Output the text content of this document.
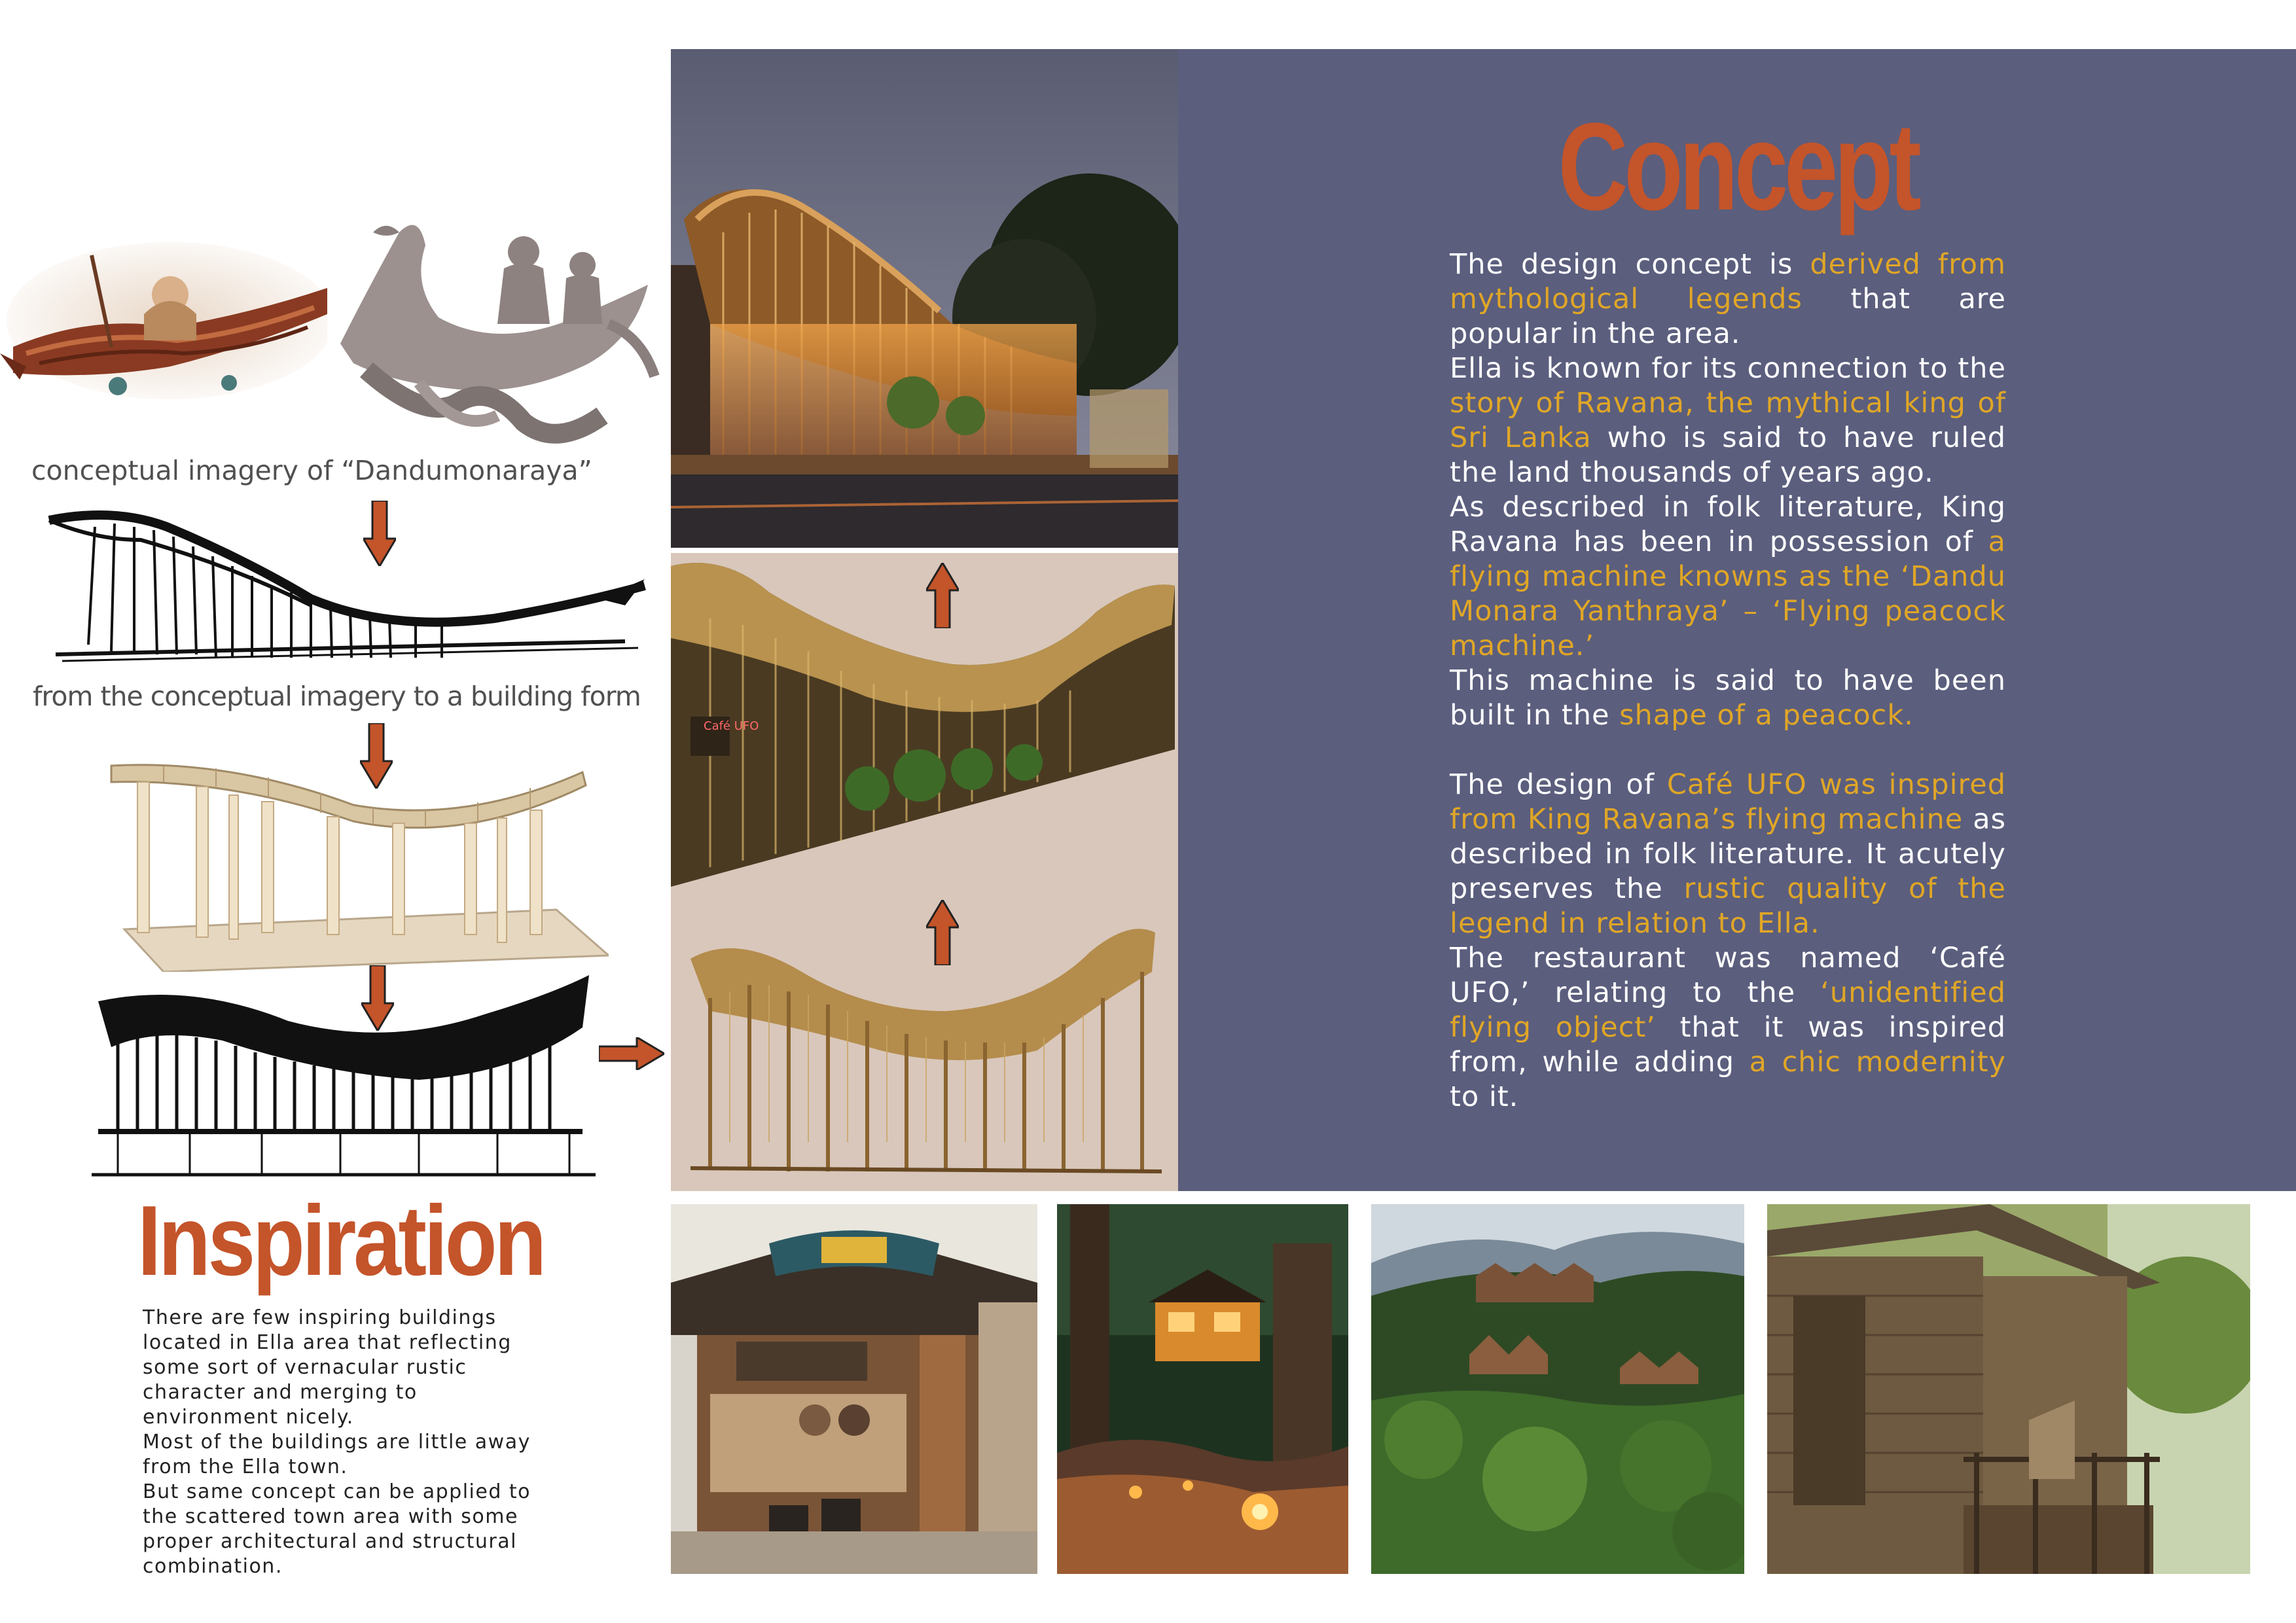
conceptual imagery of “Dandumonaraya”
from the conceptual imagery to a building form
Café UFO
Concept

The design concept is derived from mythological legends that are popular in the area.

Ella is known for its connection to the story of Ravana, the mythical king of Sri Lanka who is said to have ruled the land thousands of years ago.

As described in folk literature, King Ravana has been in possession of a flying machine knowns as the ‘Dandu Monara Yanthraya’ – ‘Flying peacock machine.’

This machine is said to have been built in the shape of a peacock.

The design of Café UFO was inspired from King Ravana’s flying machine as described in folk literature. It acutely preserves the rustic quality of the legend in relation to Ella.

The restaurant was named ‘Café UFO,’ relating to the ‘unidentified flying object’ that it was inspired from, while adding a chic modernity to it.

Inspiration

There are few inspiring buildings located in Ella area that reflecting some sort of vernacular rustic character and merging to environment nicely.

Most of the buildings are little away from the Ella town.

But same concept can be applied to the scattered town area with some proper architectural and structural combination.
